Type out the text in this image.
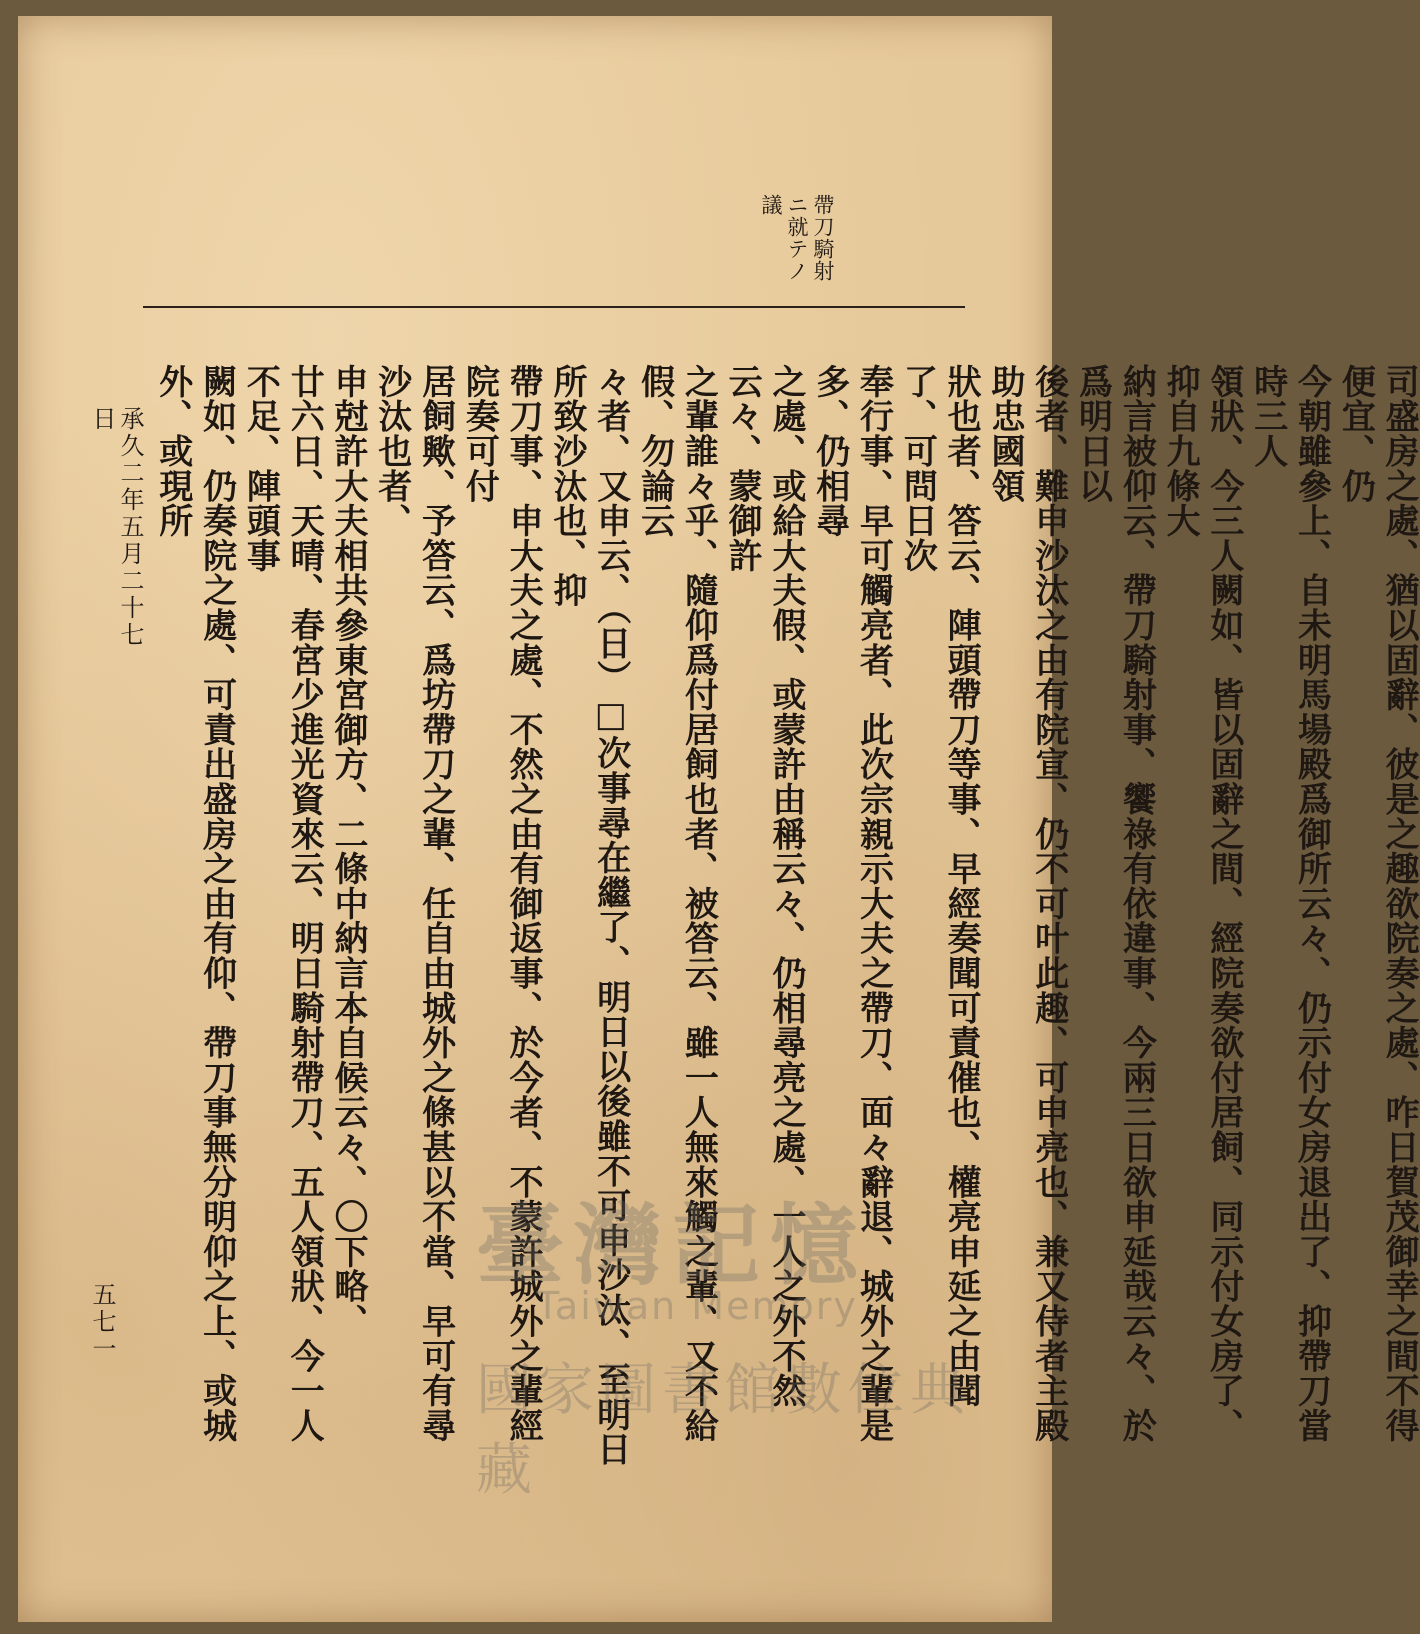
帶刀騎射
ニ就テノ
議
司盛房之處、猶以固辭、彼是之趣欲院奏之處、咋日賀茂御幸之間不得便宜、仍
今朝雖參上、自未明馬場殿爲御所云々、仍示付女房退出了、抑帶刀當時三人
領狀、今三人闕如、皆以固辭之間、經院奏欲付居飼、同示付女房了、抑自九條大
納言被仰云、帶刀騎射事、饗祿有依違事、今兩三日欲申延哉云々、於爲明日以
後者、難申沙汰之由有院宣、仍不可叶此趣、可申亮也、兼又侍者主殿助忠國領
狀也者、答云、陣頭帶刀等事、早經奏聞可責催也、權亮申延之由聞了、可問日次
奉行事、早可觸亮者、此次宗親示大夫之帶刀、面々辭退、城外之輩是多、仍相尋
之處、或給大夫假、或蒙許由稱云々、仍相尋亮之處、一人之外不然云々、蒙御許
之輩誰々乎、隨仰爲付居飼也者、被答云、雖一人無來觸之輩、又不給假、勿論云
々者、又申云、（日）□次事尋在繼了、明日以後雖不可申沙汰、至明日所致沙汰也、抑
帶刀事、申大夫之處、不然之由有御返事、於今者、不蒙許城外之輩經院奏可付
居飼歟、予答云、爲坊帶刀之輩、任自由城外之條甚以不當、早可有尋沙汰也者、
申尅許大夫相共參東宮御方、二條中納言本自候云々、〇下略、
廿六日、天晴、春宮少進光資來云、明日騎射帶刀、五人領狀、今一人不足、陣頭事
闕如、仍奏院之處、可責出盛房之由有仰、帶刀事無分明仰之上、或城外、或現所
承久二年五月二十七日
五七一
臺灣記憶
Taiwan Memory
國家圖書館數位典藏
